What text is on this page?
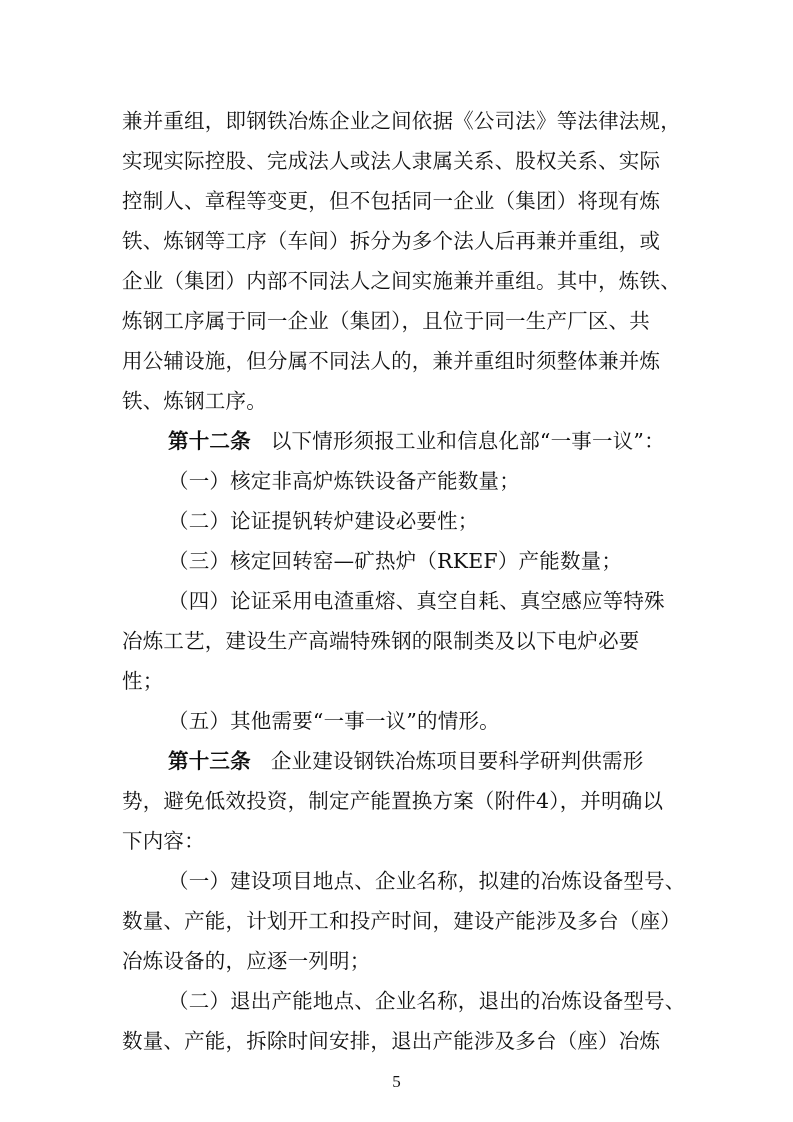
兼并重组，即钢铁冶炼企业之间依据《公司法》等法律法规，
实现实际控股、完成法人或法人隶属关系、股权关系、实际
控制人、章程等变更，但不包括同一企业（集团）将现有炼
铁、炼钢等工序（车间）拆分为多个法人后再兼并重组，或
企业（集团）内部不同法人之间实施兼并重组。其中，炼铁、
炼钢工序属于同一企业（集团），且位于同一生产厂区、共
用公辅设施，但分属不同法人的，兼并重组时须整体兼并炼
铁、炼钢工序。
第十二条 以下情形须报工业和信息化部“一事一议”：
（一）核定非高炉炼铁设备产能数量；
（二）论证提钒转炉建设必要性；
（三）核定回转窑—矿热炉（RKEF）产能数量；
（四）论证采用电渣重熔、真空自耗、真空感应等特殊
冶炼工艺，建设生产高端特殊钢的限制类及以下电炉必要
性；
（五）其他需要“一事一议”的情形。
第十三条 企业建设钢铁冶炼项目要科学研判供需形
势，避免低效投资，制定产能置换方案（附件4），并明确以
下内容：
（一）建设项目地点、企业名称，拟建的冶炼设备型号、
数量、产能，计划开工和投产时间，建设产能涉及多台（座）
冶炼设备的，应逐一列明；
（二）退出产能地点、企业名称，退出的冶炼设备型号、
数量、产能，拆除时间安排，退出产能涉及多台（座）冶炼
5
